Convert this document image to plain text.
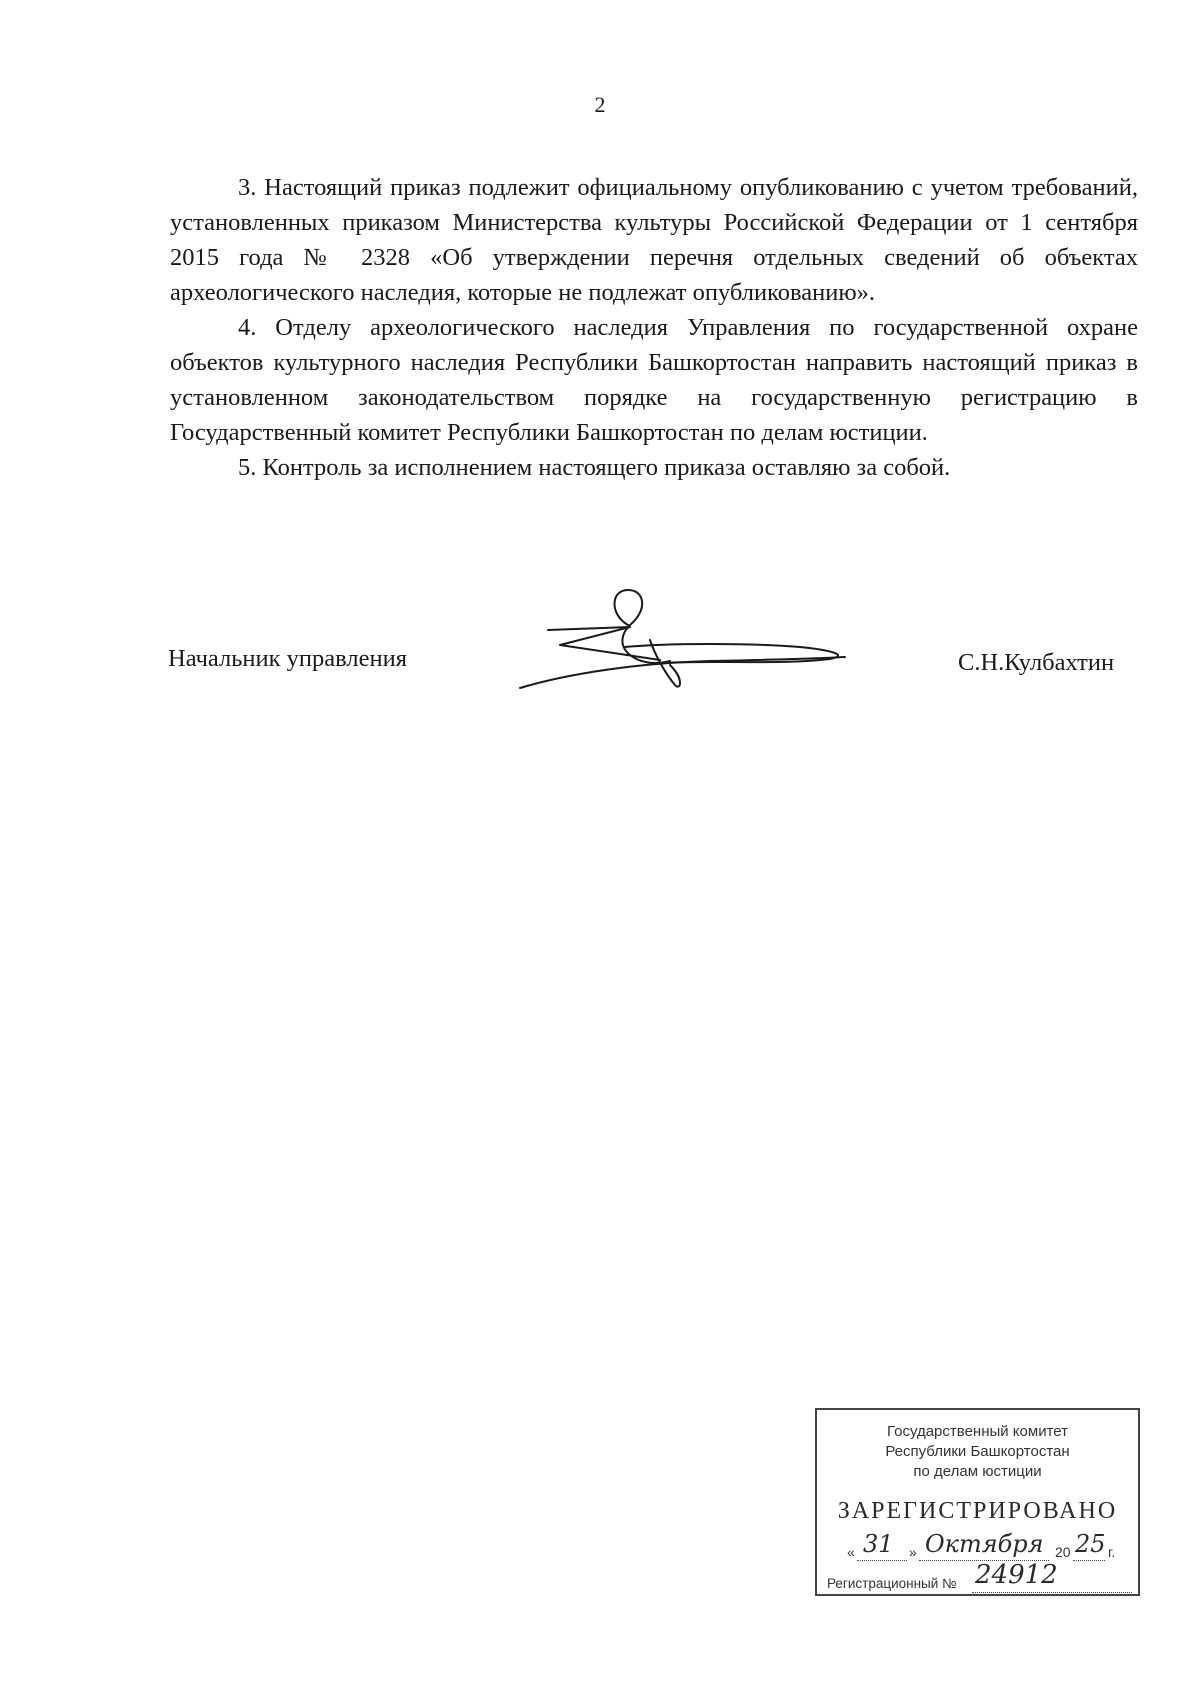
2

3. Настоящий приказ подлежит официальному опубликованию с учетом требований, установленных приказом Министерства культуры Российской Федерации от 1 сентября 2015 года № 2328 «Об утверждении перечня отдельных сведений об объектах археологического наследия, которые не подлежат опубликованию».

4. Отделу археологического наследия Управления по государственной охране объектов культурного наследия Республики Башкортостан направить настоящий приказ в установленном законодательством порядке на государственную регистрацию в Государственный комитет Республики Башкортостан по делам юстиции.

5. Контроль за исполнением настоящего приказа оставляю за собой.

Начальник управления	С.Н.Кулбахтин
Государственный комитет
Республики Башкортостан
по делам юстиции
ЗАРЕГИСТРИРОВАНО
« 31 » Октября 20 25 г.
Регистрационный № 24912
